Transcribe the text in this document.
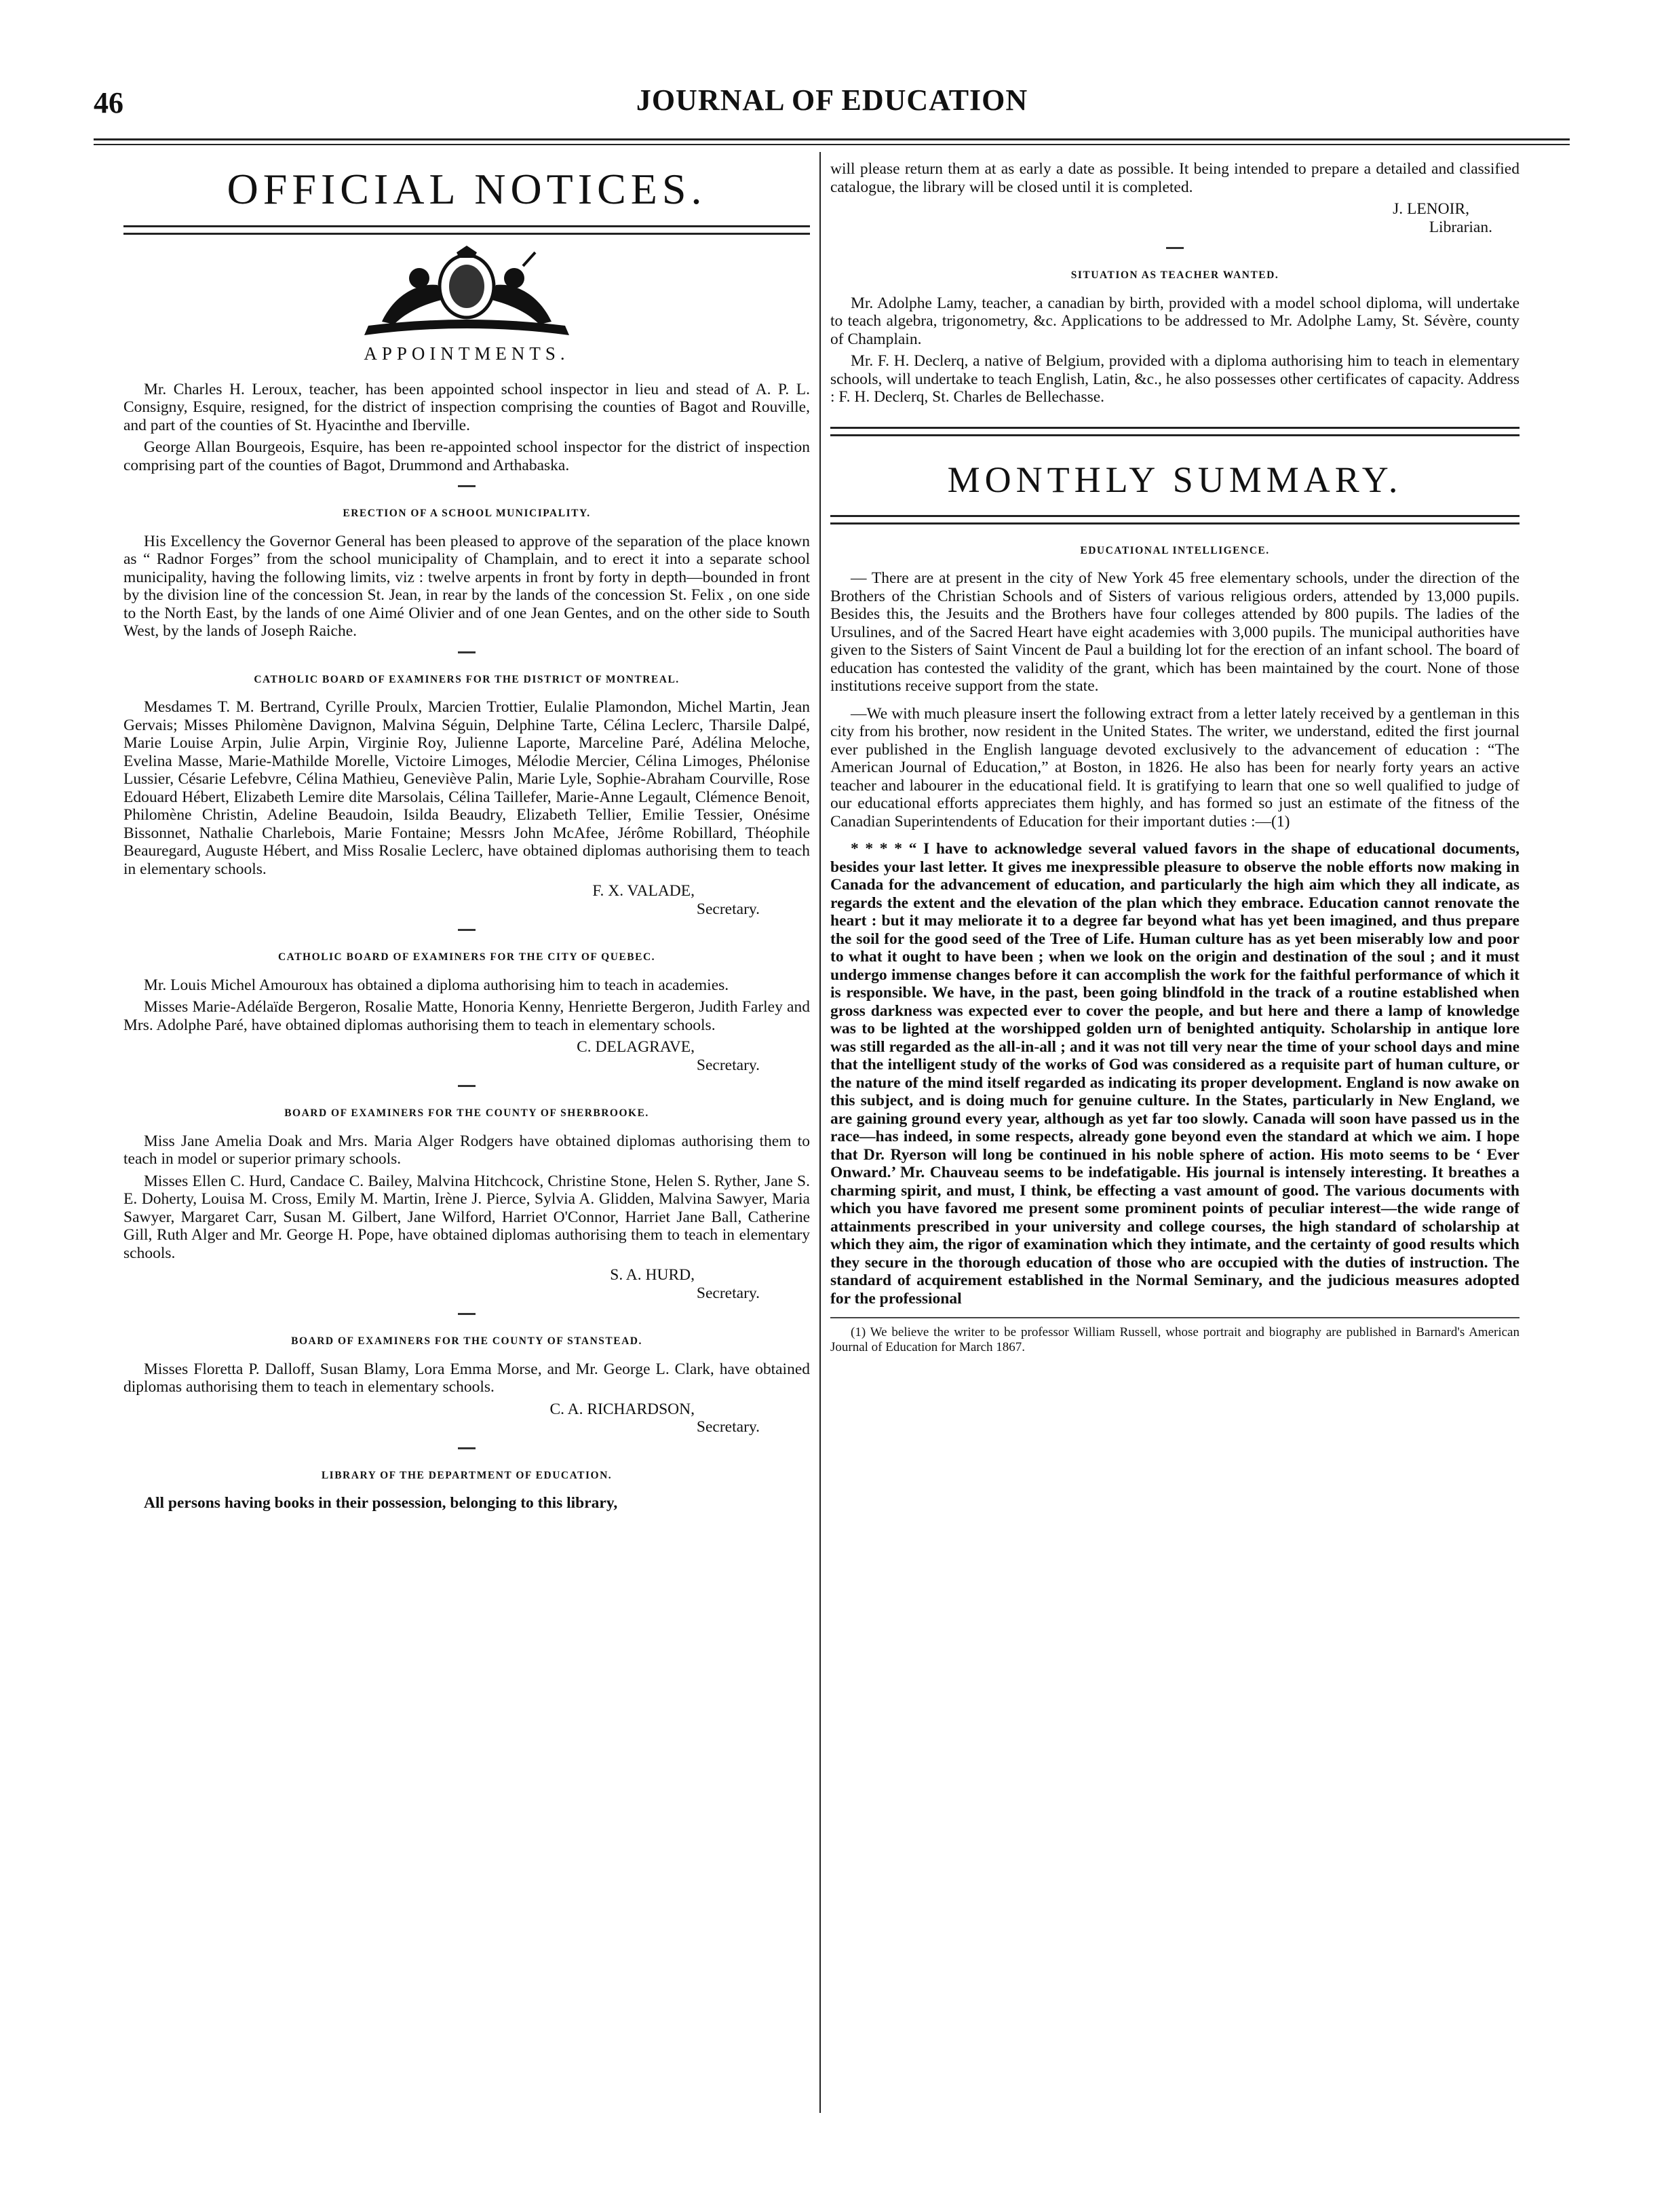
46	JOURNAL OF EDUCATION
OFFICIAL NOTICES.
APPOINTMENTS.

Mr. Charles H. Leroux, teacher, has been appointed school inspector in lieu and stead of A. P. L. Consigny, Esquire, resigned, for the district of inspection comprising the counties of Bagot and Rouville, and part of the counties of St. Hyacinthe and Iberville.

George Allan Bourgeois, Esquire, has been re-appointed school inspector for the district of inspection comprising part of the counties of Bagot, Drummond and Arthabaska.

ERECTION OF A SCHOOL MUNICIPALITY.

His Excellency the Governor General has been pleased to approve of the separation of the place known as “ Radnor Forges” from the school municipality of Champlain, and to erect it into a separate school municipality, having the following limits, viz : twelve arpents in front by forty in depth—bounded in front by the division line of the concession St. Jean, in rear by the lands of the concession St. Felix , on one side to the North East, by the lands of one Aimé Olivier and of one Jean Gentes, and on the other side to South West, by the lands of Joseph Raiche.

CATHOLIC BOARD OF EXAMINERS FOR THE DISTRICT OF MONTREAL.

Mesdames T. M. Bertrand, Cyrille Proulx, Marcien Trottier, Eulalie Plamondon, Michel Martin, Jean Gervais; Misses Philomène Davignon, Malvina Séguin, Delphine Tarte, Célina Leclerc, Tharsile Dalpé, Marie Louise Arpin, Julie Arpin, Virginie Roy, Julienne Laporte, Marceline Paré, Adélina Meloche, Evelina Masse, Marie-Mathilde Morelle, Victoire Limoges, Mélodie Mercier, Célina Limoges, Phélonise Lussier, Césarie Lefebvre, Célina Mathieu, Geneviève Palin, Marie Lyle, Sophie-Abraham Courville, Rose Edouard Hébert, Elizabeth Lemire dite Marsolais, Célina Taillefer, Marie-Anne Legault, Clémence Benoit, Philomène Christin, Adeline Beaudoin, Isilda Beaudry, Elizabeth Tellier, Emilie Tessier, Onésime Bissonnet, Nathalie Charlebois, Marie Fontaine; Messrs John McAfee, Jérôme Robillard, Théophile Beauregard, Auguste Hébert, and Miss Rosalie Leclerc, have obtained diplomas authorising them to teach in elementary schools.

F. X. VALADE,
Secretary.
CATHOLIC BOARD OF EXAMINERS FOR THE CITY OF QUEBEC.

Mr. Louis Michel Amouroux has obtained a diploma authorising him to teach in academies.

Misses Marie-Adélaïde Bergeron, Rosalie Matte, Honoria Kenny, Henriette Bergeron, Judith Farley and Mrs. Adolphe Paré, have obtained diplomas authorising them to teach in elementary schools.

C. DELAGRAVE,
Secretary.
BOARD OF EXAMINERS FOR THE COUNTY OF SHERBROOKE.

Miss Jane Amelia Doak and Mrs. Maria Alger Rodgers have obtained diplomas authorising them to teach in model or superior primary schools.

Misses Ellen C. Hurd, Candace C. Bailey, Malvina Hitchcock, Christine Stone, Helen S. Ryther, Jane S. E. Doherty, Louisa M. Cross, Emily M. Martin, Irène J. Pierce, Sylvia A. Glidden, Malvina Sawyer, Maria Sawyer, Margaret Carr, Susan M. Gilbert, Jane Wilford, Harriet O'Connor, Harriet Jane Ball, Catherine Gill, Ruth Alger and Mr. George H. Pope, have obtained diplomas authorising them to teach in elementary schools.

S. A. HURD,
Secretary.
BOARD OF EXAMINERS FOR THE COUNTY OF STANSTEAD.

Misses Floretta P. Dalloff, Susan Blamy, Lora Emma Morse, and Mr. George L. Clark, have obtained diplomas authorising them to teach in elementary schools.

C. A. RICHARDSON,
Secretary.
LIBRARY OF THE DEPARTMENT OF EDUCATION.

All persons having books in their possession, belonging to this library,

will please return them at as early a date as possible. It being intended to prepare a detailed and classified catalogue, the library will be closed until it is completed.

J. LENOIR,
Librarian.
SITUATION AS TEACHER WANTED.

Mr. Adolphe Lamy, teacher, a canadian by birth, provided with a model school diploma, will undertake to teach algebra, trigonometry, &c. Applications to be addressed to Mr. Adolphe Lamy, St. Sévère, county of Champlain.

Mr. F. H. Declerq, a native of Belgium, provided with a diploma authorising him to teach in elementary schools, will undertake to teach English, Latin, &c., he also possesses other certificates of capacity. Address : F. H. Declerq, St. Charles de Bellechasse.

MONTHLY SUMMARY.
EDUCATIONAL INTELLIGENCE.

— There are at present in the city of New York 45 free elementary schools, under the direction of the Brothers of the Christian Schools and of Sisters of various religious orders, attended by 13,000 pupils. Besides this, the Jesuits and the Brothers have four colleges attended by 800 pupils. The ladies of the Ursulines, and of the Sacred Heart have eight academies with 3,000 pupils. The municipal authorities have given to the Sisters of Saint Vincent de Paul a building lot for the erection of an infant school. The board of education has contested the validity of the grant, which has been maintained by the court. None of those institutions receive support from the state.

—We with much pleasure insert the following extract from a letter lately received by a gentleman in this city from his brother, now resident in the United States. The writer, we understand, edited the first journal ever published in the English language devoted exclusively to the advancement of education : “The American Journal of Education,” at Boston, in 1826. He also has been for nearly forty years an active teacher and labourer in the educational field. It is gratifying to learn that one so well qualified to judge of our educational efforts appreciates them highly, and has formed so just an estimate of the fitness of the Canadian Superintendents of Education for their important duties :—(1)

* * * * “ I have to acknowledge several valued favors in the shape of educational documents, besides your last letter. It gives me inexpressible pleasure to observe the noble efforts now making in Canada for the advancement of education, and particularly the high aim which they all indicate, as regards the extent and the elevation of the plan which they embrace. Education cannot renovate the heart : but it may meliorate it to a degree far beyond what has yet been imagined, and thus prepare the soil for the good seed of the Tree of Life. Human culture has as yet been miserably low and poor to what it ought to have been ; when we look on the origin and destination of the soul ; and it must undergo immense changes before it can accomplish the work for the faithful performance of which it is responsible. We have, in the past, been going blindfold in the track of a routine established when gross darkness was expected ever to cover the people, and but here and there a lamp of knowledge was to be lighted at the worshipped golden urn of benighted antiquity. Scholarship in antique lore was still regarded as the all-in-all ; and it was not till very near the time of your school days and mine that the intelligent study of the works of God was considered as a requisite part of human culture, or the nature of the mind itself regarded as indicating its proper development. England is now awake on this subject, and is doing much for genuine culture. In the States, particularly in New England, we are gaining ground every year, although as yet far too slowly. Canada will soon have passed us in the race—has indeed, in some respects, already gone beyond even the standard at which we aim. I hope that Dr. Ryerson will long be continued in his noble sphere of action. His moto seems to be ‘ Ever Onward.’ Mr. Chauveau seems to be indefatigable. His journal is intensely interesting. It breathes a charming spirit, and must, I think, be effecting a vast amount of good. The various documents with which you have favored me present some prominent points of peculiar interest—the wide range of attainments prescribed in your university and college courses, the high standard of scholarship at which they aim, the rigor of examination which they intimate, and the certainty of good results which they secure in the thorough education of those who are occupied with the duties of instruction. The standard of acquirement established in the Normal Seminary, and the judicious measures adopted for the professional

(1) We believe the writer to be professor William Russell, whose portrait and biography are published in Barnard's American Journal of Education for March 1867.
